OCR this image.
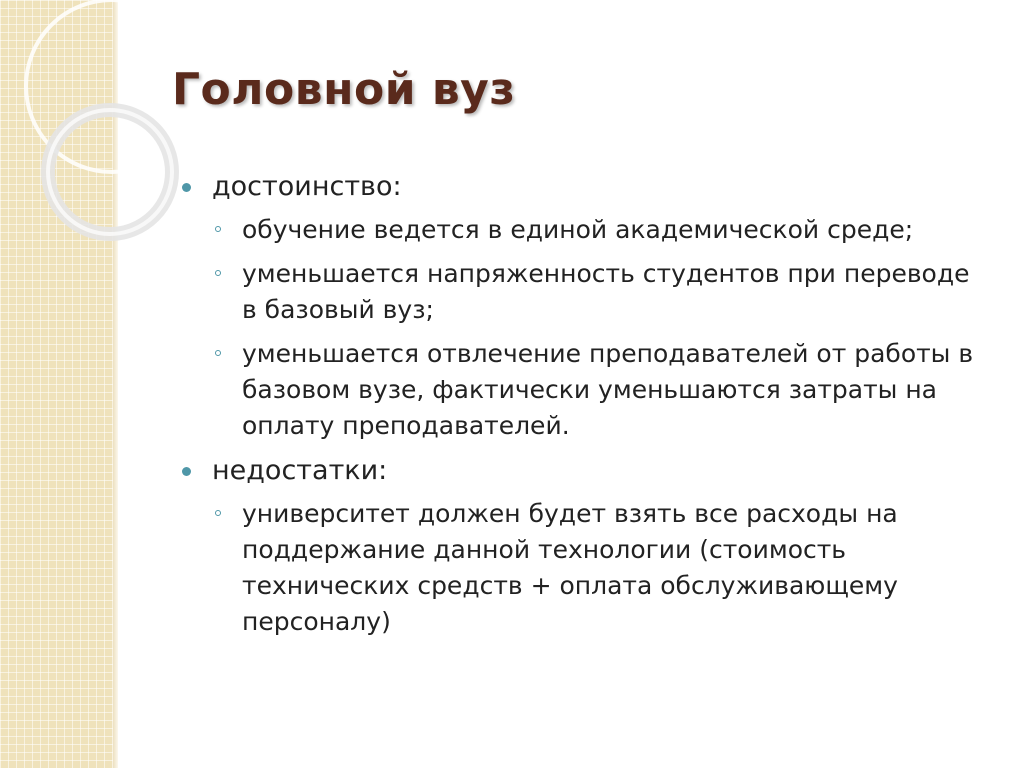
Головной вуз
достоинство:
обучение ведется в единой академической среде;
уменьшается напряженность студентов при переводе в базовый вуз;
уменьшается отвлечение преподавателей от работы в базовом вузе, фактически уменьшаются затраты на оплату преподавателей.
недостатки:
университет должен будет взять все расходы на поддержание данной технологии (стоимость технических средств + оплата обслуживающему персоналу)
